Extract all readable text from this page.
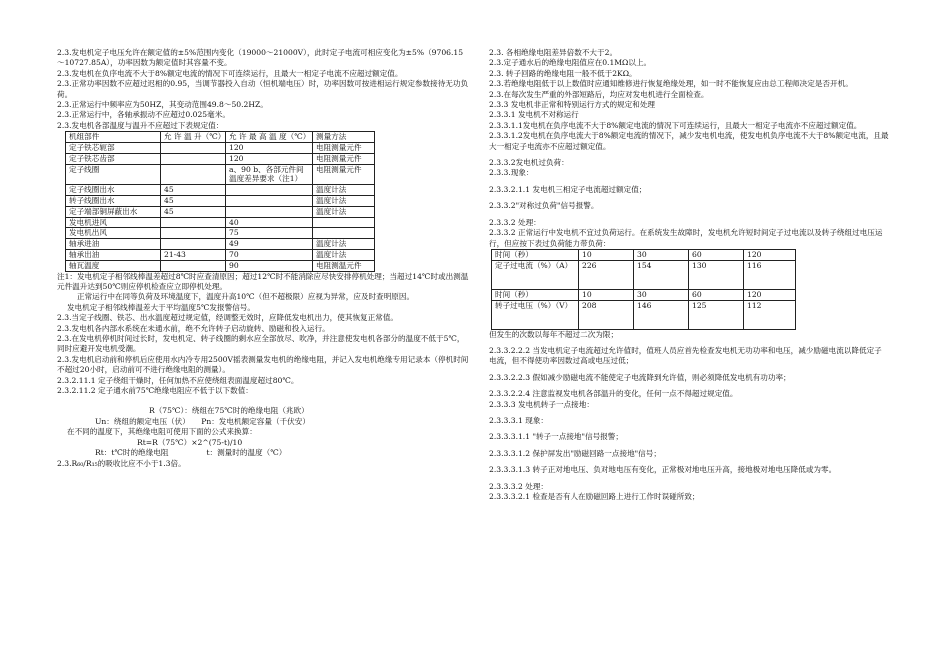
2.3.发电机定子电压允许在额定值的±5%范围内变化（19000～21000V），此时定子电流可相应变化为±5%（9706.15～10727.85A），功率因数为额定值时其容量不变。

2.3.发电机在负序电流不大于8%额定电流的情况下可连续运行，且最大一相定子电流不应超过额定值。

2.3.正常功率因数不应超过迟相的0.95，当调节器投入自动（恒机端电压）时，功率因数可按进相运行规定参数接待无功负荷。

2.3.正常运行中频率应为50HZ，其变动范围49.8～50.2HZ。

2.3.正常运行中，各轴承振动不应超过0.025毫米。

2.3.发电机各部温度与温升不应超过下表规定值：

机组部件	允 许 温 升（℃）	允 许 最 高 温 度（℃）	测量方法
定子铁芯轭部		120	电阻测量元件
定子铁芯齿部		120	电阻测量元件
定子线圈		a、90 b、各部元件间温度差异要求（注1）	电阻测量元件
定子线圈出水	45		温度计法
转子线圈出水	45		温度计法
定子端部铜屏蔽出水	45		温度计法
发电机进风		40	
发电机出风		75	
轴承进油		49	温度计法
轴承出油	21-43	70	温度计法
轴瓦温度		90	电阻测温元件

注1：发电机定子相邻线棒温差超过8℃时应查清原因；超过12℃时不能消除应尽快安排停机处理；当超过14℃时或出测温元件温升达到50℃则应停机检查应立即停机处理。

正常运行中在同等负荷及环境温度下，温度升高10℃（但不超极限）应视为异常，应及时查明原因。

发电机定子相邻线棒温差大于平均温度5℃发报警信号。

2.3.当定子线圈、铁芯、出水温度超过规定值，经调整无效时，应降低发电机出力，使其恢复正常值。

2.3.发电机各内部水系统在未通水前，绝不允许转子启动旋转、励磁和投入运行。

2.3.在发电机停机时间过长时，发电机定、转子线圈的剩水应全部放尽、吹净，并注意使发电机各部分的温度不低于5℃，同时应避开发电机受潮。

2.3.发电机启动前和停机后应使用水内冷专用2500V摇表测量发电机的绝缘电阻，并记入发电机绝缘专用记录本（停机时间不超过20小时，启动前可不进行绝缘电阻的测量）。

2.3.2.11.1 定子绕组干燥时，任何加热不应使绕组表面温度超过80℃。

2.3.2.11.2 定子通水前75℃绝缘电阻应不低于以下数值：

R（75℃）：绕组在75℃时的绝缘电阻（兆欧）

Un：绕组的额定电压（伏）　　Pn：发电机额定容量（千伏安）

在不同的温度下，其绝缘电阻可使用下面的公式来换算：

Rt=R（75℃）×2^(75-t)/10

Rt：t℃时的绝缘电阻　　　　　t：测量时的温度（℃）

2.3.R₆₀/R₁₅的吸收比应不小于1.3倍。

2.3. 各相绝缘电阻差异倍数不大于2。

2.3.定子通水后的绝缘电阻值应在0.1MΩ以上。

2.3. 转子回路的绝缘电阻一般不低于2KΩ。

2.3.若绝缘电阻低于以上数值时应通知维修进行恢复绝缘处理，如一时不能恢复应由总工程师决定是否开机。

2.3.在每次发生严重的外部短路后，均应对发电机进行全面检查。

2.3.3 发电机非正常和特别运行方式的规定和处理

2.3.3.1 发电机不对称运行

2.3.3.1.1发电机在负序电流不大于8%额定电流的情况下可连续运行，且最大一相定子电流亦不应超过额定值。

2.3.3.1.2发电机在负序电流大于8%额定电流的情况下，减少发电机电流，使发电机负序电流不大于8%额定电流，且最大一相定子电流亦不应超过额定值。

2.3.3.2发电机过负荷：

2.3.3.现象：

2.3.3.2.1.1 发电机三相定子电流超过额定值；

2.3.3.2"对称过负荷"信号报警。

2.3.3.2 处理：

2.3.3.2 正常运行中发电机不宜过负荷运行。在系统发生故障时，发电机允许短时间定子过电流以及转子绕组过电压运行，但应按下表过负荷能力带负荷：

时间（秒）	10	30	60	120
定子过电流（%）（A）	226	154	130	116
时间（秒）	10	30	60	120
转子过电压（%）（V）	208	146	125	112

但发生的次数以每年不超过二次为限；

2.3.3.2.2.2 当发电机定子电流超过允许值时，值班人员应首先检查发电机无功功率和电压，减少励磁电流以降低定子电流，但不得使功率因数过高或电压过低；

2.3.3.2.2.3 假如减少励磁电流不能使定子电流降到允许值，则必须降低发电机有功功率；

2.3.3.2.2.4 注意监视发电机各部温升的变化，任何一点不得超过规定值。

2.3.3.3 发电机转子一点接地：

2.3.3.3.1 现象：

2.3.3.3.1.1 "转子一点接地"信号报警；

2.3.3.3.1.2 保护屏发出"励磁回路一点接地"信号；

2.3.3.3.1.3 转子正对地电压、负对地电压有变化，正常极对地电压升高，接地极对地电压降低或为零。

2.3.3.3.2 处理：

2.3.3.3.2.1 检查是否有人在励磁回路上进行工作时误碰所致；
